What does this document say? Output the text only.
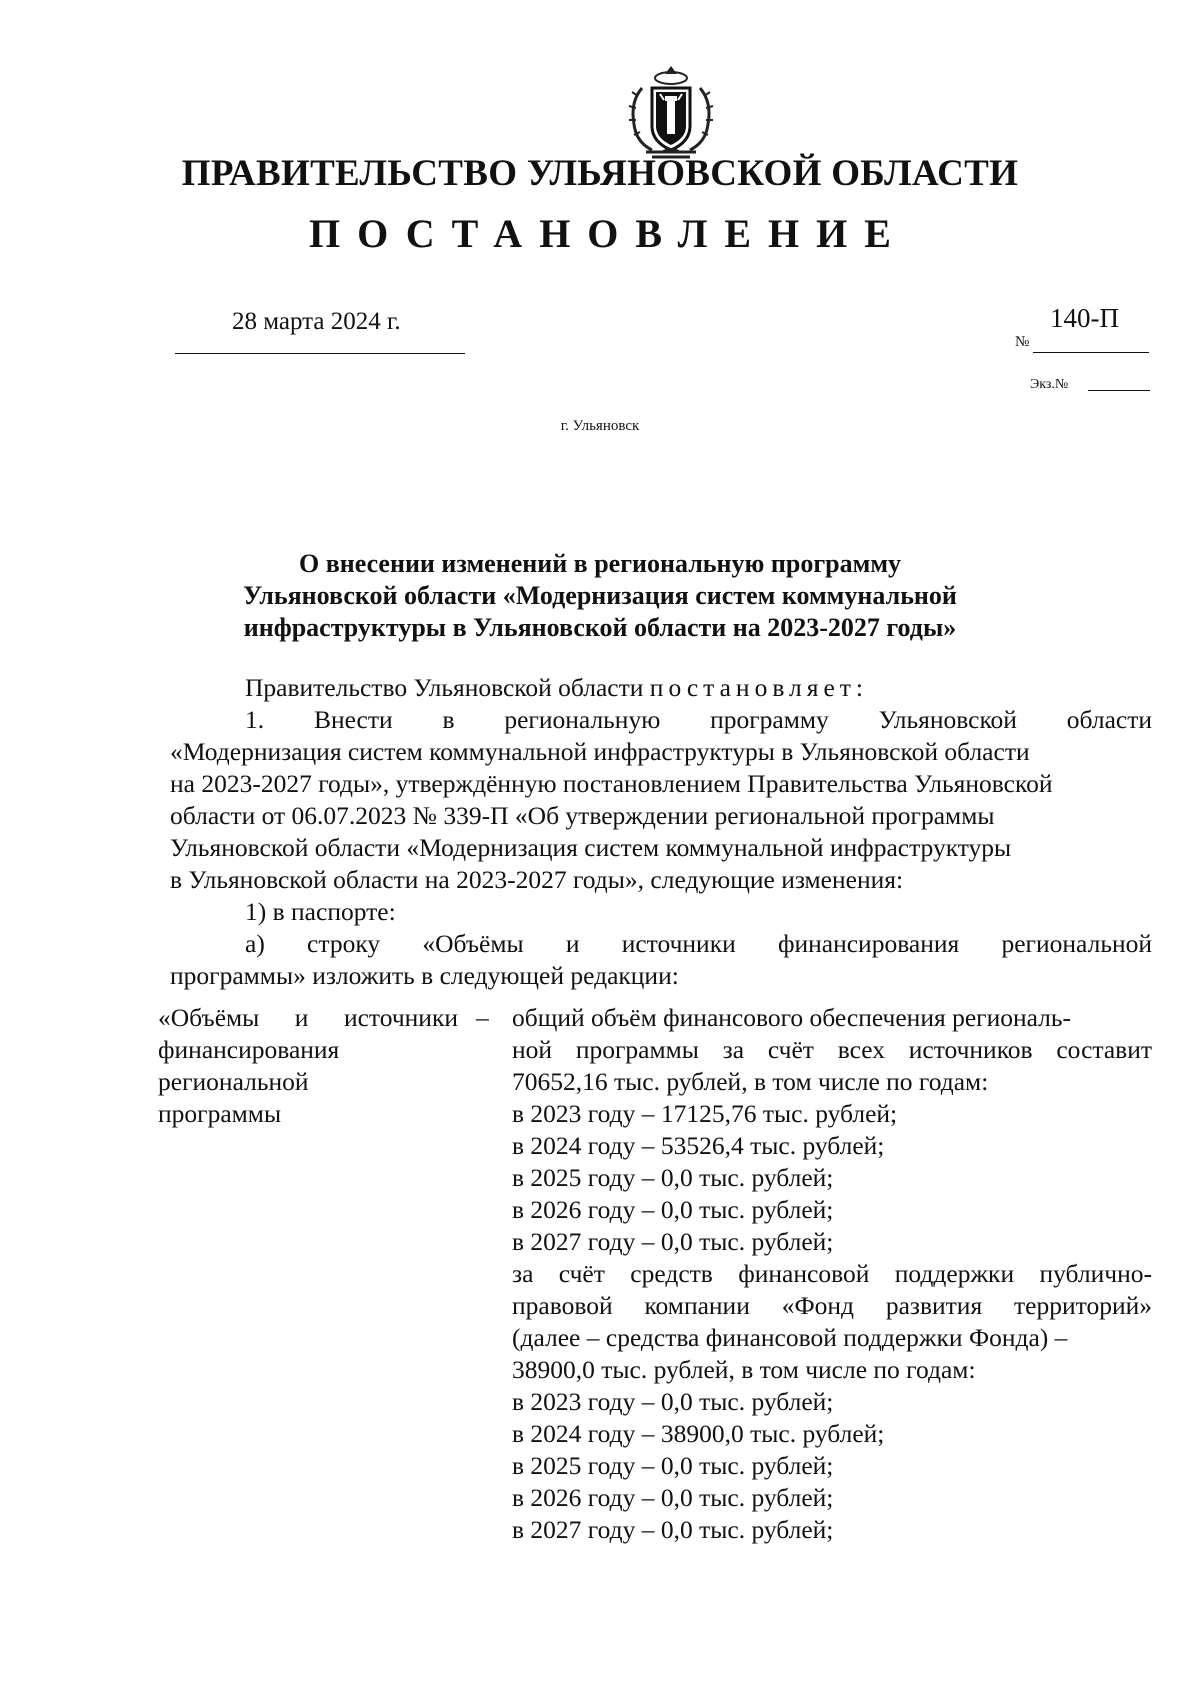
ПРАВИТЕЛЬСТВО УЛЬЯНОВСКОЙ ОБЛАСТИ
ПОСТАНОВЛЕНИЕ
28 марта 2024 г.	140-П
№
Экз.№
г. Ульяновск
О внесении изменений в региональную программу
Ульяновской области «Модернизация систем коммунальной
инфраструктуры в Ульяновской области на 2023-2027 годы»
Правительство Ульяновской области постановляет:
1. Внести в региональную программу Ульяновской области
«Модернизация систем коммунальной инфраструктуры в Ульяновской области
на 2023-2027 годы», утверждённую постановлением Правительства Ульяновской
области от 06.07.2023 № 339-П «Об утверждении региональной программы
Ульяновской области «Модернизация систем коммунальной инфраструктуры
в Ульяновской области на 2023-2027 годы», следующие изменения:
1) в паспорте:
а) строку «Объёмы и источники финансирования региональной
программы» изложить в следующей редакции:
«Объёмы и источники
финансирования
региональной
программы
– общий объём финансового обеспечения региональ-
ной программы за счёт всех источников составит
70652,16 тыс. рублей, в том числе по годам:
в 2023 году – 17125,76 тыс. рублей;
в 2024 году – 53526,4 тыс. рублей;
в 2025 году – 0,0 тыс. рублей;
в 2026 году – 0,0 тыс. рублей;
в 2027 году – 0,0 тыс. рублей;
за счёт средств финансовой поддержки публично-
правовой компании «Фонд развития территорий»
(далее – средства финансовой поддержки Фонда) –
38900,0 тыс. рублей, в том числе по годам:
в 2023 году – 0,0 тыс. рублей;
в 2024 году – 38900,0 тыс. рублей;
в 2025 году – 0,0 тыс. рублей;
в 2026 году – 0,0 тыс. рублей;
в 2027 году – 0,0 тыс. рублей;
